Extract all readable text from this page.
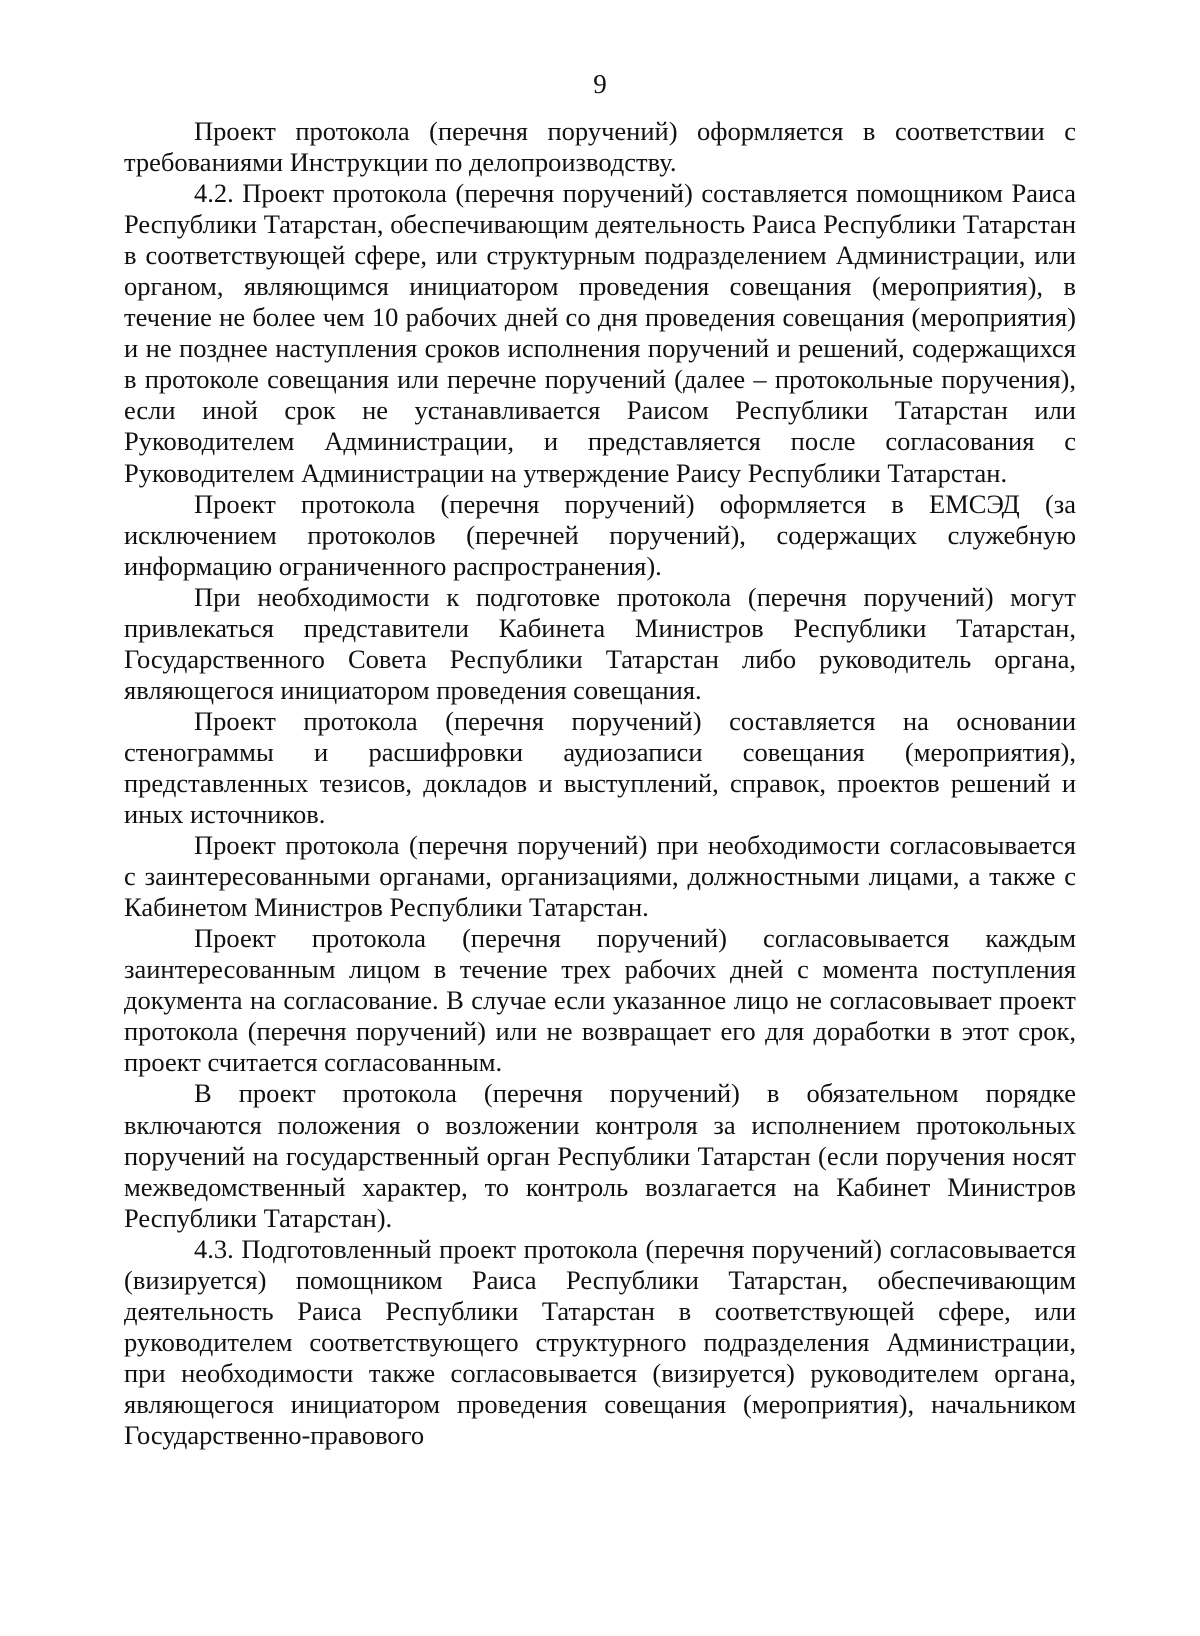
9

Проект протокола (перечня поручений) оформляется в соответствии с требованиями Инструкции по делопроизводству.

4.2. Проект протокола (перечня поручений) составляется помощником Раиса Республики Татарстан, обеспечивающим деятельность Раиса Республики Татарстан в соответствующей сфере, или структурным подразделением Администрации, или органом, являющимся инициатором проведения совещания (мероприятия), в течение не более чем 10 рабочих дней со дня проведения совещания (мероприятия) и не позднее наступления сроков исполнения поручений и решений, содержащихся в протоколе совещания или перечне поручений (далее – протокольные поручения), если иной срок не устанавливается Раисом Республики Татарстан или Руководителем Администрации, и представляется после согласования с Руководителем Администрации на утверждение Раису Республики Татарстан.

Проект протокола (перечня поручений) оформляется в ЕМСЭД (за исключением протоколов (перечней поручений), содержащих служебную информацию ограниченного распространения).

При необходимости к подготовке протокола (перечня поручений) могут привлекаться представители Кабинета Министров Республики Татарстан, Государственного Совета Республики Татарстан либо руководитель органа, являющегося инициатором проведения совещания.

Проект протокола (перечня поручений) составляется на основании стенограммы и расшифровки аудиозаписи совещания (мероприятия), представленных тезисов, докладов и выступлений, справок, проектов решений и иных источников.

Проект протокола (перечня поручений) при необходимости согласовывается с заинтересованными органами, организациями, должностными лицами, а также с Кабинетом Министров Республики Татарстан.

Проект протокола (перечня поручений) согласовывается каждым заинтересованным лицом в течение трех рабочих дней с момента поступления документа на согласование. В случае если указанное лицо не согласовывает проект протокола (перечня поручений) или не возвращает его для доработки в этот срок, проект считается согласованным.

В проект протокола (перечня поручений) в обязательном порядке включаются положения о возложении контроля за исполнением протокольных поручений на государственный орган Республики Татарстан (если поручения носят межведомственный характер, то контроль возлагается на Кабинет Министров Республики Татарстан).

4.3. Подготовленный проект протокола (перечня поручений) согласовывается (визируется) помощником Раиса Республики Татарстан, обеспечивающим деятельность Раиса Республики Татарстан в соответствующей сфере, или руководителем соответствующего структурного подразделения Администрации, при необходимости также согласовывается (визируется) руководителем органа, являющегося инициатором проведения совещания (мероприятия), начальником Государственно-правового
